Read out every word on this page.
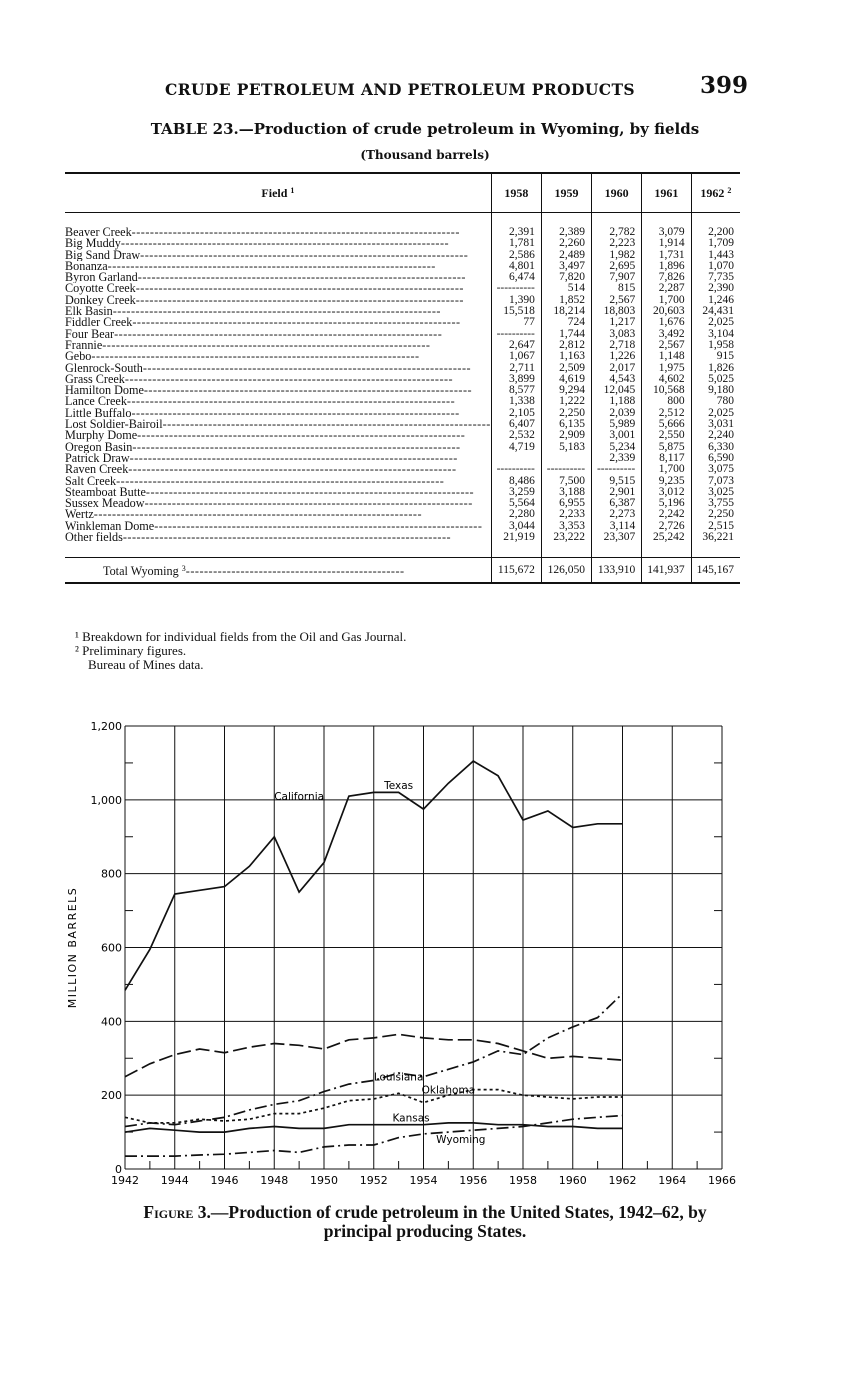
CRUDE PETROLEUM AND PETROLEUM PRODUCTS	399
TABLE 23.—Production of crude petroleum in Wyoming, by fields
(Thousand barrels)
Field $^1$	1958	1959	1960	1961	1962 $^2$

Beaver Creek------------------------------------------------------------------------	2,391	2,389	2,782	3,079	2,200

Big Muddy------------------------------------------------------------------------	1,781	2,260	2,223	1,914	1,709

Big Sand Draw------------------------------------------------------------------------	2,586	2,489	1,982	1,731	1,443

Bonanza------------------------------------------------------------------------	4,801	3,497	2,695	1,896	1,070

Byron Garland------------------------------------------------------------------------	6,474	7,820	7,907	7,826	7,735

Coyotte Creek------------------------------------------------------------------------	----------	514	815	2,287	2,390

Donkey Creek------------------------------------------------------------------------	1,390	1,852	2,567	1,700	1,246

Elk Basin------------------------------------------------------------------------	15,518	18,214	18,803	20,603	24,431

Fiddler Creek------------------------------------------------------------------------	77	724	1,217	1,676	2,025

Four Bear------------------------------------------------------------------------	----------	1,744	3,083	3,492	3,104

Frannie------------------------------------------------------------------------	2,647	2,812	2,718	2,567	1,958

Gebo------------------------------------------------------------------------	1,067	1,163	1,226	1,148	915

Glenrock-South------------------------------------------------------------------------	2,711	2,509	2,017	1,975	1,826

Grass Creek------------------------------------------------------------------------	3,899	4,619	4,543	4,602	5,025

Hamilton Dome------------------------------------------------------------------------	8,577	9,294	12,045	10,568	9,180

Lance Creek------------------------------------------------------------------------	1,338	1,222	1,188	800	780

Little Buffalo------------------------------------------------------------------------	2,105	2,250	2,039	2,512	2,025

Lost Soldier-Bairoil------------------------------------------------------------------------	6,407	6,135	5,989	5,666	3,031

Murphy Dome------------------------------------------------------------------------	2,532	2,909	3,001	2,550	2,240

Oregon Basin------------------------------------------------------------------------	4,719	5,183	5,234	5,875	6,330

Patrick Draw------------------------------------------------------------------------			2,339	8,117	6,590

Raven Creek------------------------------------------------------------------------	----------	----------	----------	1,700	3,075

Salt Creek------------------------------------------------------------------------	8,486	7,500	9,515	9,235	7,073

Steamboat Butte------------------------------------------------------------------------	3,259	3,188	2,901	3,012	3,025

Sussex Meadow------------------------------------------------------------------------	5,564	6,955	6,387	5,196	3,755

Wertz------------------------------------------------------------------------	2,280	2,233	2,273	2,242	2,250

Winkleman Dome------------------------------------------------------------------------	3,044	3,353	3,114	2,726	2,515

Other fields------------------------------------------------------------------------	21,919	23,222	23,307	25,242	36,221

Total Wyoming $^3$------------------------------------------------	115,672	126,050	133,910	141,937	145,167
¹ Breakdown for individual fields from the Oil and Gas Journal.
² Preliminary figures.
Bureau of Mines data.
0
200
400
600
800
1,000
1,200
1942 1944 1946 1948 1950 1952 1954 1956 1958 1960 1962 1964 1966
MILLION BARRELS
Texas
California
Louisiana
Oklahoma
Kansas
Wyoming
Figure 3.—Production of crude petroleum in the United States, 1942–62, by
principal producing States.
